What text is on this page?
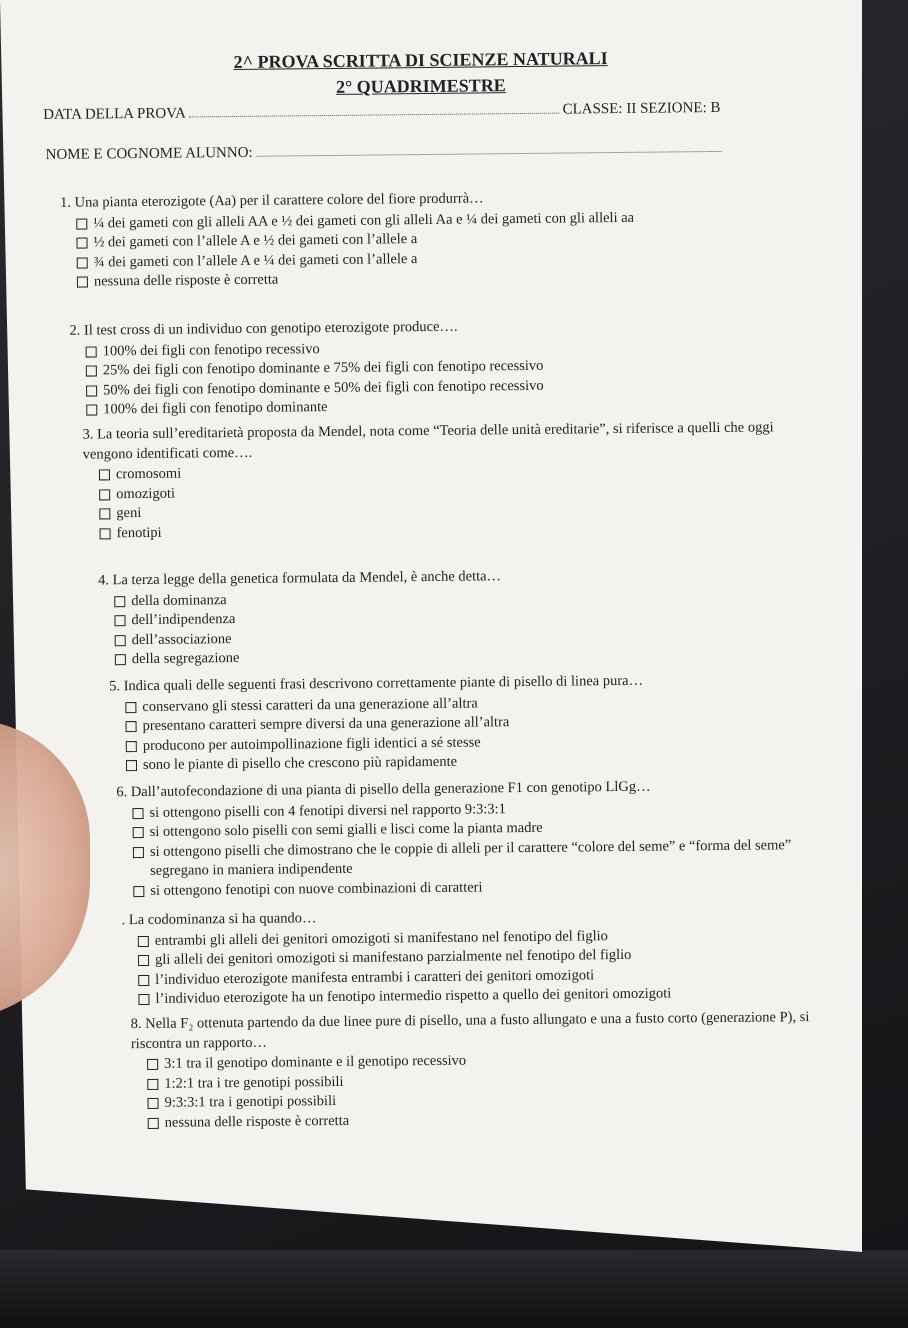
2^ PROVA SCRITTA DI SCIENZE NATURALI
2° QUADRIMESTRE
DATA DELLA PROVA	CLASSE: II SEZIONE: B
NOME E COGNOME ALUNNO:
1. Una pianta eterozigote (Aa) per il carattere colore del fiore produrrà…
¼ dei gameti con gli alleli AA e ½ dei gameti con gli alleli Aa e ¼ dei gameti con gli alleli aa
½ dei gameti con l’allele A e ½ dei gameti con l’allele a
¾ dei gameti con l’allele A e ¼ dei gameti con l’allele a
nessuna delle risposte è corretta
2. Il test cross di un individuo con genotipo eterozigote produce….
100% dei figli con fenotipo recessivo
25% dei figli con fenotipo dominante e 75% dei figli con fenotipo recessivo
50% dei figli con fenotipo dominante e 50% dei figli con fenotipo recessivo
100% dei figli con fenotipo dominante
3. La teoria sull’ereditarietà proposta da Mendel, nota come “Teoria delle unità ereditarie”, si riferisce a quelli che oggi vengono identificati come….
cromosomi
omozigoti
geni
fenotipi
4. La terza legge della genetica formulata da Mendel, è anche detta…
della dominanza
dell’indipendenza
dell’associazione
della segregazione
5. Indica quali delle seguenti frasi descrivono correttamente piante di pisello di linea pura…
conservano gli stessi caratteri da una generazione all’altra
presentano caratteri sempre diversi da una generazione all’altra
producono per autoimpollinazione figli identici a sé stesse
sono le piante di pisello che crescono più rapidamente
6. Dall’autofecondazione di una pianta di pisello della generazione F1 con genotipo LlGg…
si ottengono piselli con 4 fenotipi diversi nel rapporto 9:3:3:1
si ottengono solo piselli con semi gialli e lisci come la pianta madre
si ottengono piselli che dimostrano che le coppie di alleli per il carattere “colore del seme” e “forma del seme” segregano in maniera indipendente
si ottengono fenotipi con nuove combinazioni di caratteri
. La codominanza si ha quando…
entrambi gli alleli dei genitori omozigoti si manifestano nel fenotipo del figlio
gli alleli dei genitori omozigoti si manifestano parzialmente nel fenotipo del figlio
l’individuo eterozigote manifesta entrambi i caratteri dei genitori omozigoti
l’individuo eterozigote ha un fenotipo intermedio rispetto a quello dei genitori omozigoti
8. Nella F₂ ottenuta partendo da due linee pure di pisello, una a fusto allungato e una a fusto corto (generazione P), si riscontra un rapporto…
3:1 tra il genotipo dominante e il genotipo recessivo
1:2:1 tra i tre genotipi possibili
9:3:3:1 tra i genotipi possibili
nessuna delle risposte è corretta
